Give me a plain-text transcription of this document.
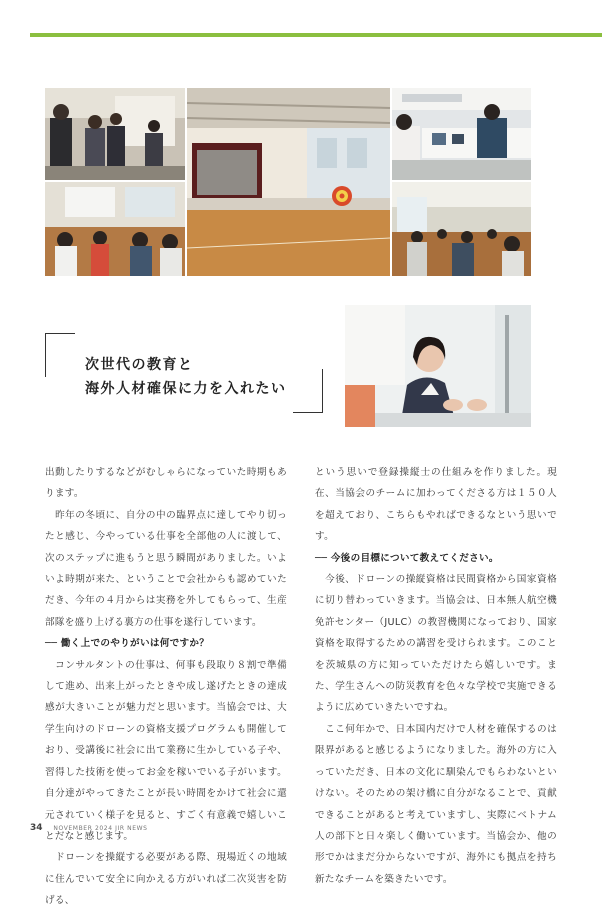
次世代の教育と
海外人材確保に力を入れたい

出動したりするなどがむしゃらになっていた時期もあります。

　昨年の冬頃に、自分の中の臨界点に達してやり切ったと感じ、今やっている仕事を全部他の人に渡して、次のステップに進もうと思う瞬間がありました。いよいよ時期が来た、ということで会社からも認めていただき、今年の４月からは実務を外してもらって、生産部隊を盛り上げる裏方の仕事を遂行しています。

── 働く上でのやりがいは何ですか？

　コンサルタントの仕事は、何事も段取り８割で準備して進め、出来上がったときや成し遂げたときの達成感が大きいことが魅力だと思います。当協会では、大学生向けのドローンの資格支援プログラムも開催しており、受講後に社会に出て業務に生かしている子や、習得した技術を使ってお金を稼いでいる子がいます。自分達がやってきたことが長い時間をかけて社会に還元されていく様子を見ると、すごく有意義で嬉しいことだなと感じます。

　ドローンを操縦する必要がある際、現場近くの地域に住んでいて安全に向かえる方がいれば二次災害を防げる、

という思いで登録操縦士の仕組みを作りました。現在、当協会のチームに加わってくださる方は１５０人を超えており、こちらもやればできるなという思いです。

── 今後の目標について教えてください。

　今後、ドローンの操縦資格は民間資格から国家資格に切り替わっていきます。当協会は、日本無人航空機免許センター（JULC）の教習機関になっており、国家資格を取得するための講習を受けられます。このことを茨城県の方に知っていただけたら嬉しいです。また、学生さんへの防災教育を色々な学校で実施できるように広めていきたいですね。

　ここ何年かで、日本国内だけで人材を確保するのは限界があると感じるようになりました。海外の方に入っていただき、日本の文化に馴染んでもらわないといけない。そのための架け橋に自分がなることで、貢献できることがあると考えていますし、実際にベトナム人の部下と日々楽しく働いています。当協会か、他の形でかはまだ分からないですが、海外にも拠点を持ち新たなチームを築きたいです。

34 NOVEMBER 2024 JIR NEWS
